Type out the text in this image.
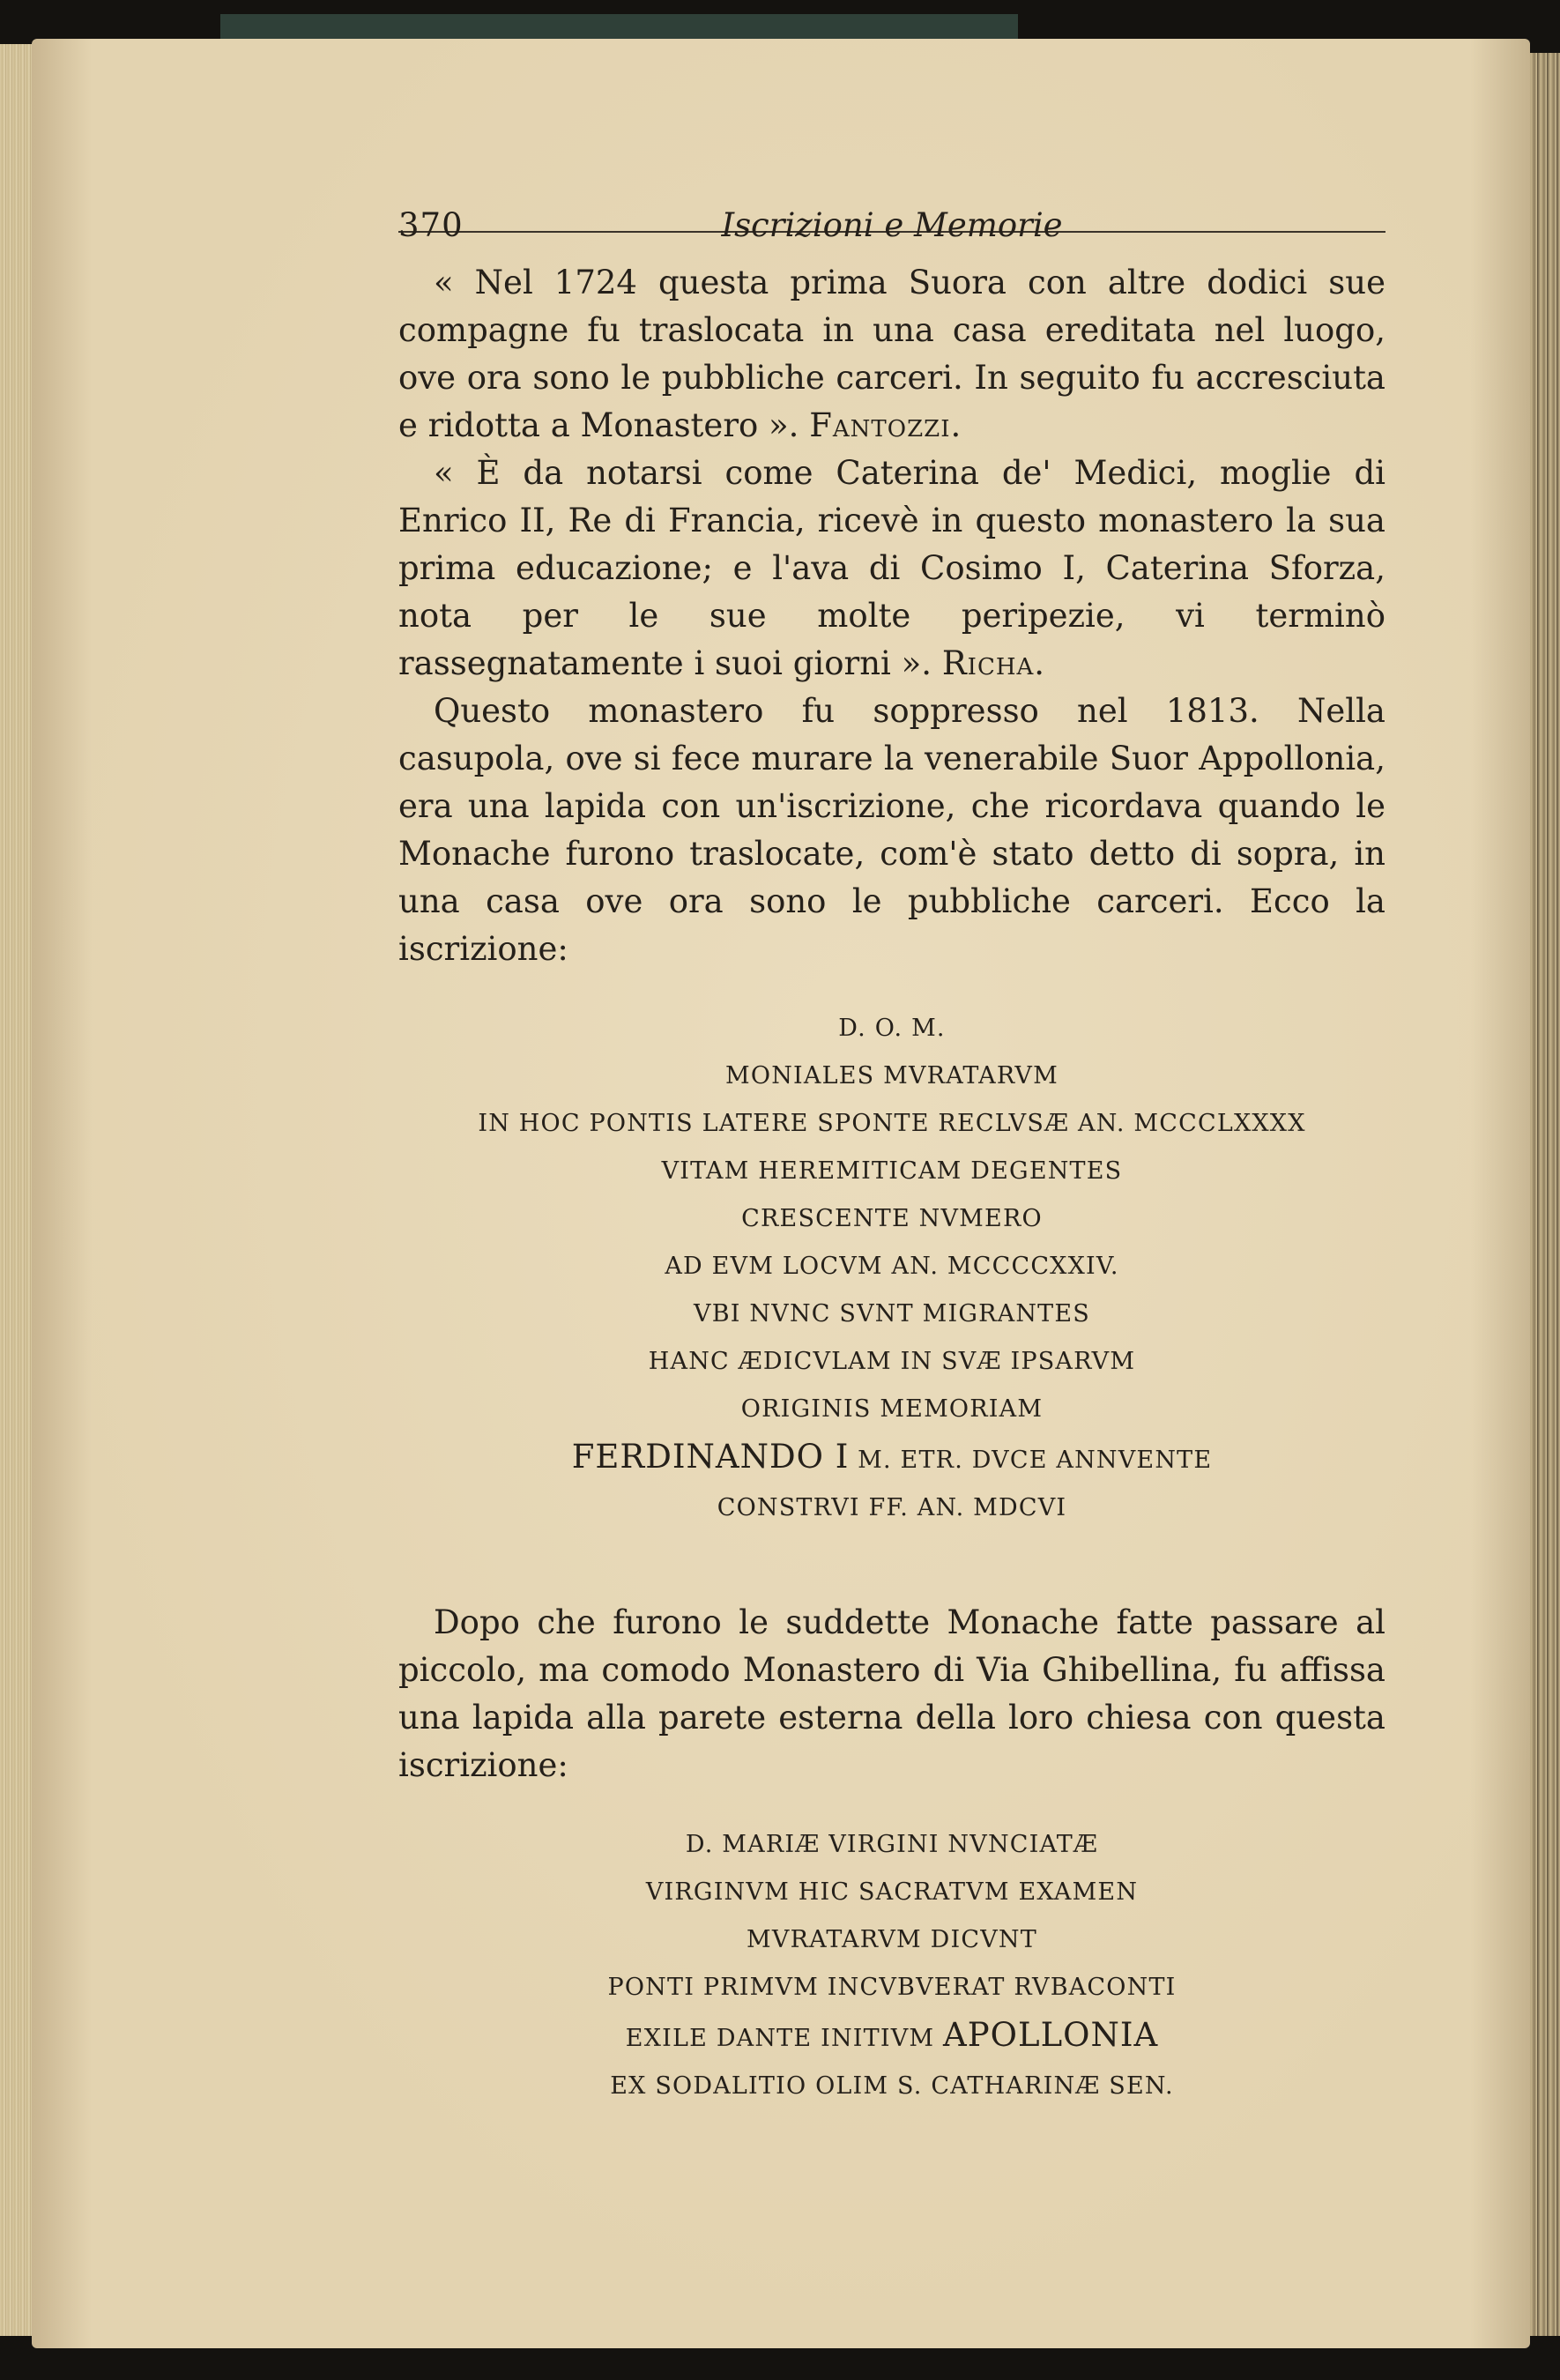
370	Iscrizioni e Memorie

« Nel 1724 questa prima Suora con altre dodici sue compagne fu traslocata in una casa ereditata nel luogo, ove ora sono le pubbliche carceri. In seguito fu accresciuta e ridotta a Monastero ». Fantozzi.

« È da notarsi come Caterina de' Medici, moglie di Enrico II, Re di Francia, ricevè in questo monastero la sua prima educazione; e l'ava di Cosimo I, Caterina Sforza, nota per le sue molte peripezie, vi terminò rassegnatamente i suoi giorni ». Richa.

Questo monastero fu soppresso nel 1813. Nella casupola, ove si fece murare la venerabile Suor Appollonia, era una lapida con un'iscrizione, che ricordava quando le Monache furono traslocate, com'è stato detto di sopra, in una casa ove ora sono le pubbliche carceri. Ecco la iscrizione:

D. O. M.
MONIALES MVRATARVM
IN HOC PONTIS LATERE SPONTE RECLVSÆ AN. MCCCLXXXX
VITAM HEREMITICAM DEGENTES
CRESCENTE NVMERO
AD EVM LOCVM AN. MCCCCXXIV.
VBI NVNC SVNT MIGRANTES
HANC ÆDICVLAM IN SVÆ IPSARVM
ORIGINIS MEMORIAM
FERDINANDO I M. ETR. DVCE ANNVENTE
CONSTRVI FF. AN. MDCVI

Dopo che furono le suddette Monache fatte passare al piccolo, ma comodo Monastero di Via Ghibellina, fu affissa una lapida alla parete esterna della loro chiesa con questa iscrizione:

D. MARIÆ VIRGINI NVNCIATÆ
VIRGINVM HIC SACRATVM EXAMEN
MVRATARVM DICVNT
PONTI PRIMVM INCVBVERAT RVBACONTI
EXILE DANTE INITIVM APOLLONIA
EX SODALITIO OLIM S. CATHARINÆ SEN.
